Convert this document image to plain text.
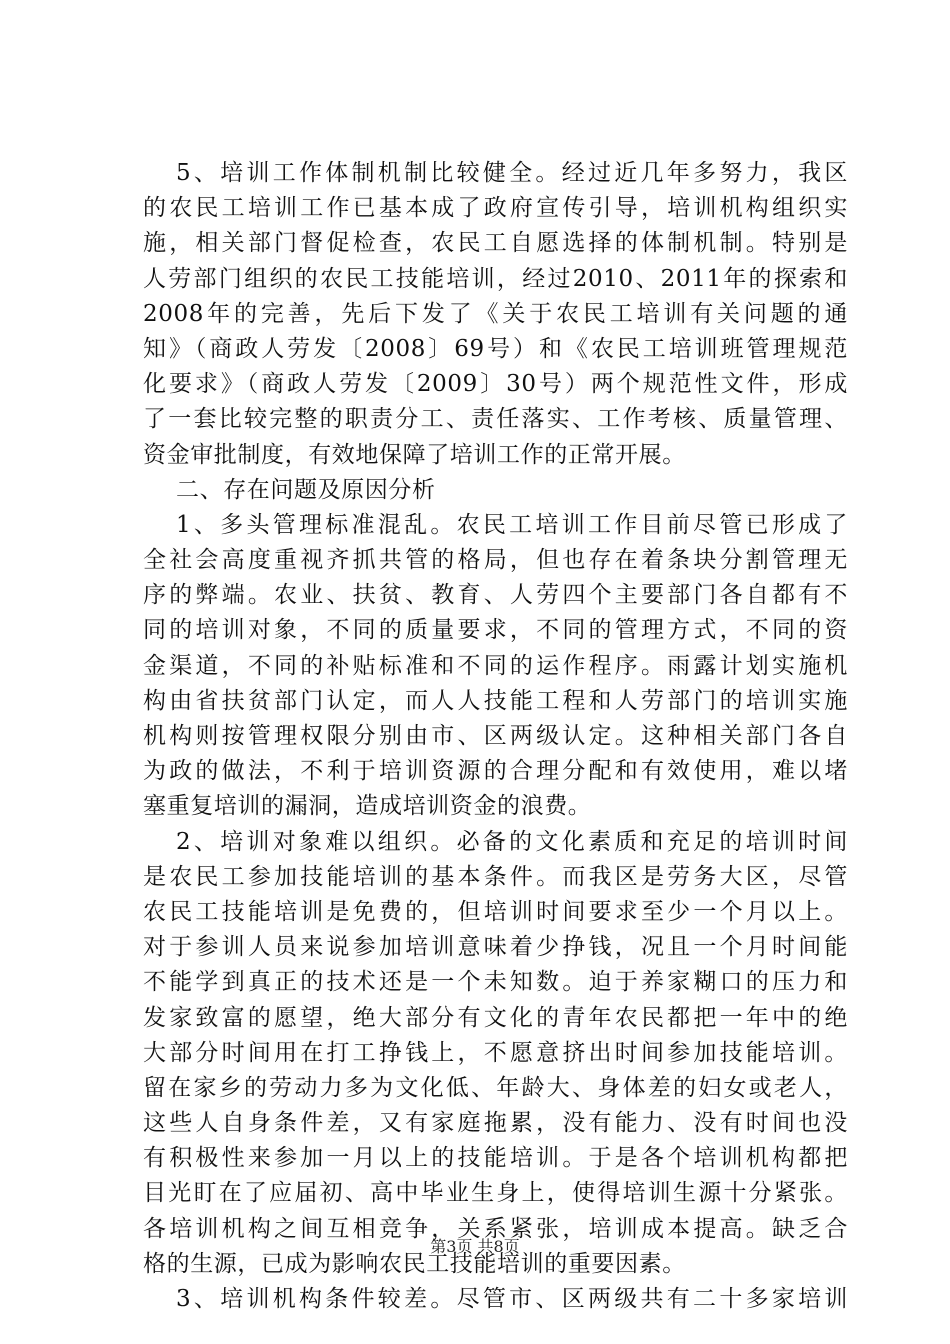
5、培训工作体制机制比较健全。经过近几年多努力，我区
的农民工培训工作已基本成了政府宣传引导，培训机构组织实
施，相关部门督促检查，农民工自愿选择的体制机制。特别是
人劳部门组织的农民工技能培训，经过2010、2011年的探索和
2008年的完善，先后下发了《关于农民工培训有关问题的通
知》（商政人劳发〔2008〕69号）和《农民工培训班管理规范
化要求》（商政人劳发〔2009〕30号）两个规范性文件，形成
了一套比较完整的职责分工、责任落实、工作考核、质量管理、
资金审批制度，有效地保障了培训工作的正常开展。
二、存在问题及原因分析
1、多头管理标准混乱。农民工培训工作目前尽管已形成了
全社会高度重视齐抓共管的格局，但也存在着条块分割管理无
序的弊端。农业、扶贫、教育、人劳四个主要部门各自都有不
同的培训对象，不同的质量要求，不同的管理方式，不同的资
金渠道，不同的补贴标准和不同的运作程序。雨露计划实施机
构由省扶贫部门认定，而人人技能工程和人劳部门的培训实施
机构则按管理权限分别由市、区两级认定。这种相关部门各自
为政的做法，不利于培训资源的合理分配和有效使用，难以堵
塞重复培训的漏洞，造成培训资金的浪费。
2、培训对象难以组织。必备的文化素质和充足的培训时间
是农民工参加技能培训的基本条件。而我区是劳务大区，尽管
农民工技能培训是免费的，但培训时间要求至少一个月以上。
对于参训人员来说参加培训意味着少挣钱，况且一个月时间能
不能学到真正的技术还是一个未知数。迫于养家糊口的压力和
发家致富的愿望，绝大部分有文化的青年农民都把一年中的绝
大部分时间用在打工挣钱上，不愿意挤出时间参加技能培训。
留在家乡的劳动力多为文化低、年龄大、身体差的妇女或老人，
这些人自身条件差，又有家庭拖累，没有能力、没有时间也没
有积极性来参加一月以上的技能培训。于是各个培训机构都把
目光盯在了应届初、高中毕业生身上，使得培训生源十分紧张。
各培训机构之间互相竞争，关系紧张，培训成本提高。缺乏合
格的生源，已成为影响农民工技能培训的重要因素。
3、培训机构条件较差。尽管市、区两级共有二十多家培训
第3页 共8页
